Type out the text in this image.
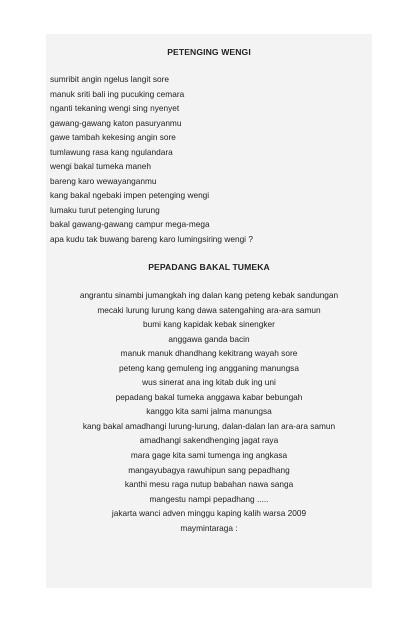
PETENGING WENGI
sumribit angin ngelus langit sore
manuk sriti bali ing pucuking cemara
nganti tekaning wengi sing nyenyet
gawang-gawang katon pasuryanmu
gawe tambah kekesing angin sore
tumlawung rasa kang ngulandara
wengi bakal tumeka maneh
bareng karo wewayanganmu
kang bakal ngebaki impen petenging wengi
lumaku turut petenging lurung
bakal gawang-gawang campur mega-mega
apa kudu tak buwang bareng karo lumingsiring wengi ?
PEPADANG BAKAL TUMEKA
angrantu sinambi jumangkah ing dalan kang peteng kebak sandungan
mecaki lurung lurung kang dawa satengahing ara-ara samun
bumi kang kapidak kebak sinengker
anggawa ganda bacin
manuk manuk dhandhang kekitrang wayah sore
peteng kang gemuleng ing angganing manungsa
wus sinerat ana ing kitab duk ing uni
pepadang bakal tumeka anggawa kabar bebungah
kanggo kita sami jalma manungsa
kang bakal amadhangi lurung-lurung, dalan-dalan lan ara-ara samun
amadhangi sakendhenging jagat raya
mara gage kita sami tumenga ing angkasa
mangayubagya rawuhipun sang pepadhang
kanthi mesu raga nutup babahan nawa sanga
mangestu nampi pepadhang .....
jakarta wanci adven minggu kaping kalih warsa 2009
maymintaraga :
